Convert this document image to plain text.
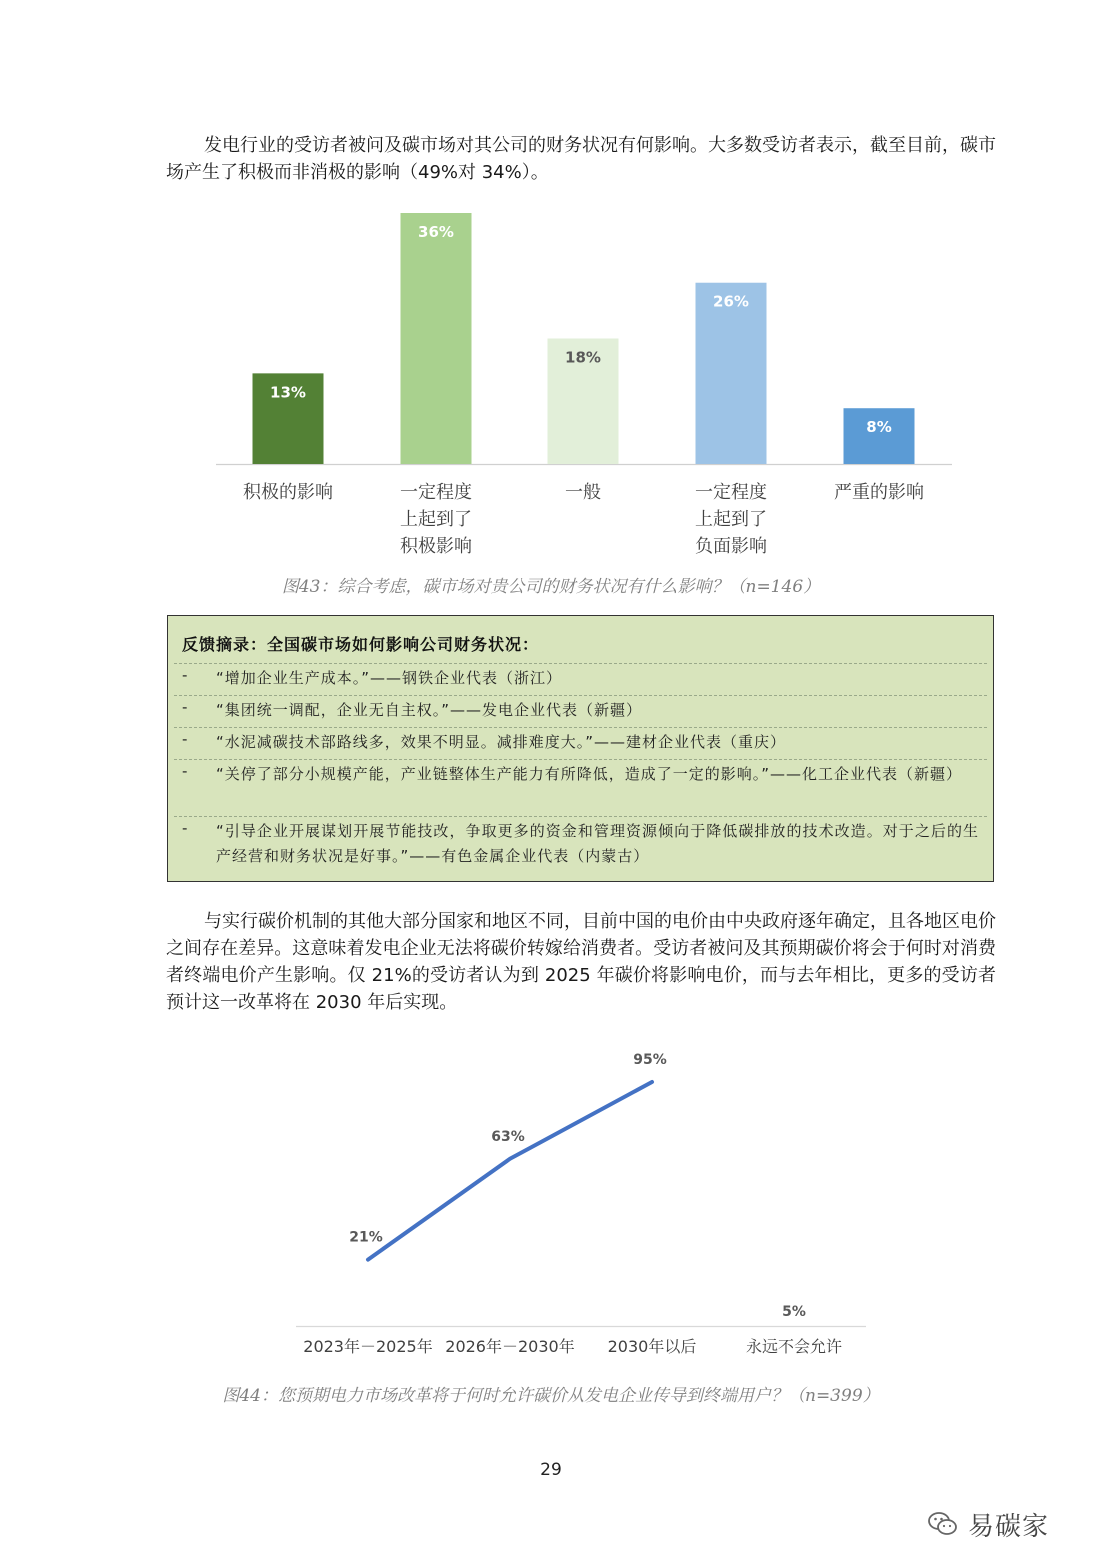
发电行业的受访者被问及碳市场对其公司的财务状况有何影响。大多数受访者表示，截至目前，碳市场产生了积极而非消极的影响（49%对 34%）。

13%
积极的影响
36%
一定程度
上起到了
积极影响
18%
一般
26%
一定程度
上起到了
负面影响
8%
严重的影响
图43：综合考虑，碳市场对贵公司的财务状况有什么影响？（n=146）
反馈摘录：全国碳市场如何影响公司财务状况：
- “增加企业生产成本。”——钢铁企业代表（浙江）
- “集团统一调配，企业无自主权。”——发电企业代表（新疆）
- “水泥减碳技术部路线多，效果不明显。减排难度大。”——建材企业代表（重庆）
- “关停了部分小规模产能，产业链整体生产能力有所降低，造成了一定的影响。”——化工企业代表（新疆）
- “引导企业开展谋划开展节能技改，争取更多的资金和管理资源倾向于降低碳排放的技术改造。对于之后的生产经营和财务状况是好事。”——有色金属企业代表（内蒙古）

与实行碳价机制的其他大部分国家和地区不同，目前中国的电价由中央政府逐年确定，且各地区电价之间存在差异。这意味着发电企业无法将碳价转嫁给消费者。受访者被问及其预期碳价将会于何时对消费者终端电价产生影响。仅 21%的受访者认为到 2025 年碳价将影响电价，而与去年相比，更多的受访者预计这一改革将在 2030 年后实现。

21%
63%
95%
5%
2023年－2025年 2026年－2030年 2030年以后	永远不会允许
图44：您预期电力市场改革将于何时允许碳价从发电企业传导到终端用户？（n=399）
29
易碳家
